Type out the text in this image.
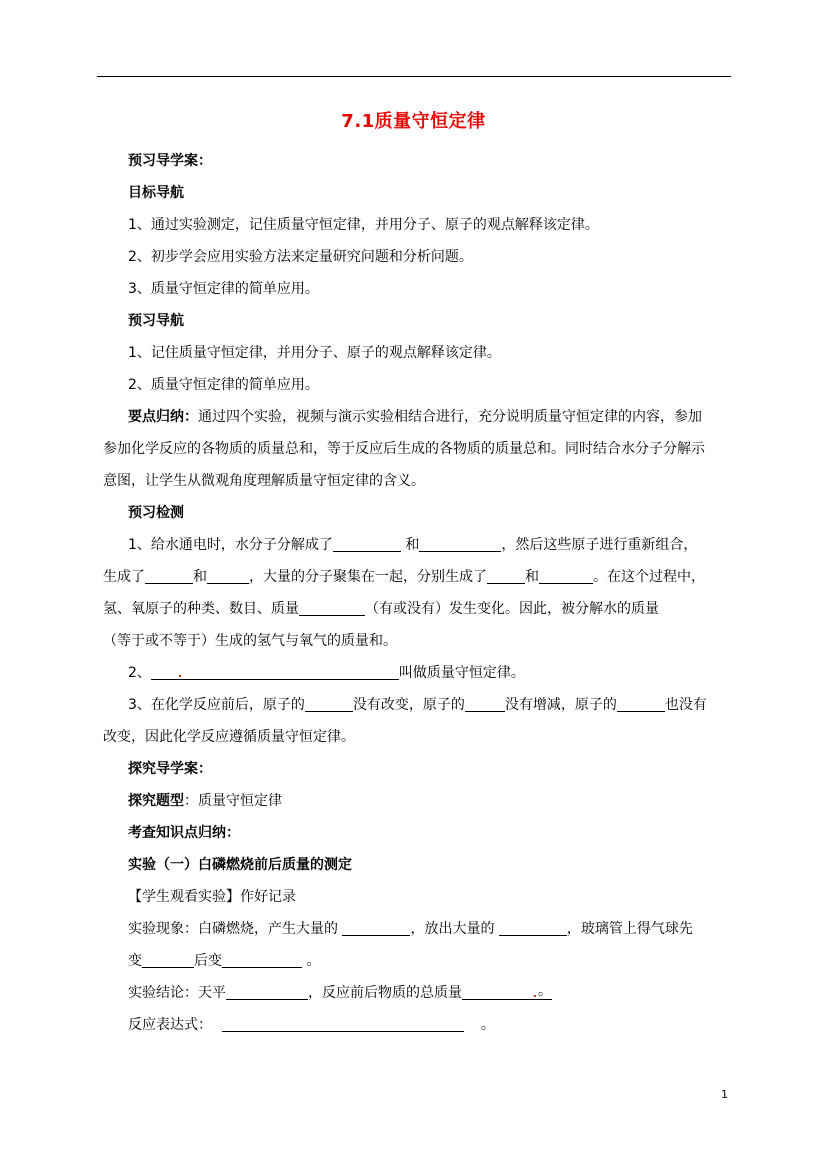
7.1质量守恒定律
预习导学案：
目标导航
1、通过实验测定，记住质量守恒定律，并用分子、原子的观点解释该定律。
2、初步学会应用实验方法来定量研究问题和分析问题。
3、质量守恒定律的简单应用。
预习导航
1、记住质量守恒定律，并用分子、原子的观点解释该定律。
2、质量守恒定律的简单应用。
要点归纳：通过四个实验，视频与演示实验相结合进行，充分说明质量守恒定律的内容，参加
参加化学反应的各物质的质量总和，等于反应后生成的各物质的质量总和。同时结合水分子分解示
意图，让学生从微观角度理解质量守恒定律的含义。
预习检测
1、给水通电时，水分子分解成了	和	，然后这些原子进行重新组合，
生成了	和	，大量的分子聚集在一起，分别生成了	和	。在这个过程中，
氢、氧原子的种类、数目、质量	（有或没有）发生变化。因此，被分解水的质量
（等于或不等于）生成的氢气与氧气的质量和。
2、	叫做质量守恒定律。
3、在化学反应前后，原子的	没有改变，原子的	没有增减，原子的	也没有
改变，因此化学反应遵循质量守恒定律。
探究导学案：
探究题型：质量守恒定律
考查知识点归纳：
实验（一）白磷燃烧前后质量的测定
【学生观看实验】作好记录
实验现象：白磷燃烧，产生大量的	，放出大量的	，玻璃管上得气球先
变	后变	。
实验结论：天平	，反应前后物质的总质量	。
反应表达式：	。
1
